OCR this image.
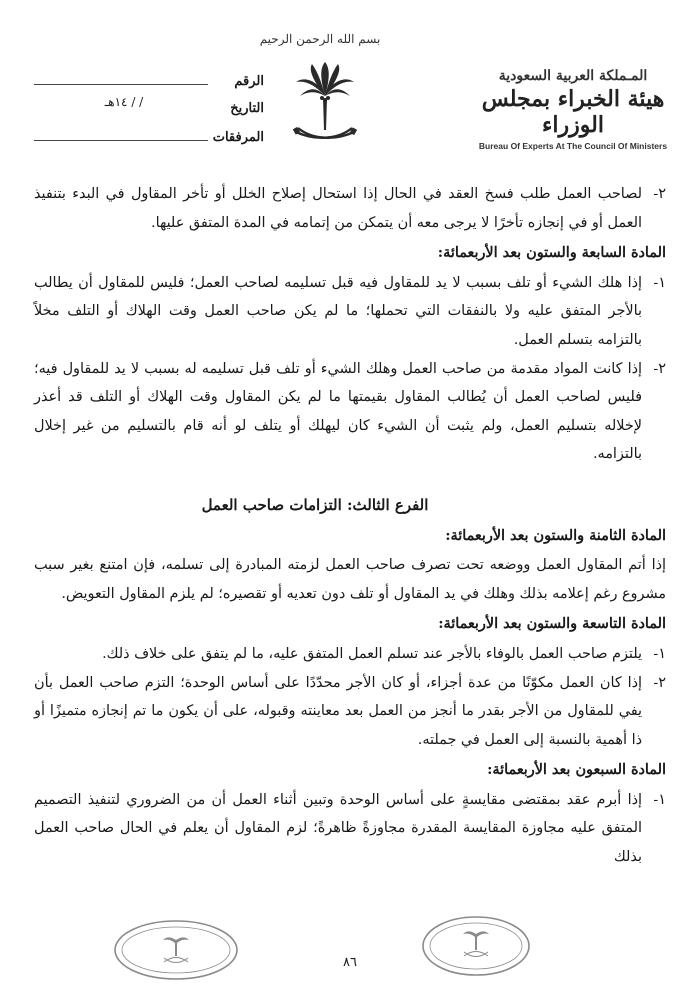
بسم الله الرحمن الرحيم
المـملكة العربية السعودية
هيئة الخبراء بمجلس الوزراء
Bureau Of Experts At The Council Of Ministers
الرقم
التاريخ
/ / ١٤هـ
المرفقات
٢-
لصاحب العمل طلب فسخ العقد في الحال إذا استحال إصلاح الخلل أو تأخر المقاول في البدء بتنفيذ العمل أو في إنجازه تأخرًا لا يرجى معه أن يتمكن من إتمامه في المدة المتفق عليها.
المادة السابعة والستون بعد الأربعمائة:
١-
إذا هلك الشيء أو تلف بسبب لا يد للمقاول فيه قبل تسليمه لصاحب العمل؛ فليس للمقاول أن يطالب بالأجر المتفق عليه ولا بالنفقات التي تحملها؛ ما لم يكن صاحب العمل وقت الهلاك أو التلف مخلاً بالتزامه بتسلم العمل.
٢-
إذا كانت المواد مقدمة من صاحب العمل وهلك الشيء أو تلف قبل تسليمه له بسبب لا يد للمقاول فيه؛ فليس لصاحب العمل أن يُطالب المقاول بقيمتها ما لم يكن المقاول وقت الهلاك أو التلف قد أعذر لإخلاله بتسليم العمل، ولم يثبت أن الشيء كان ليهلك أو يتلف لو أنه قام بالتسليم من غير إخلال بالتزامه.
الفرع الثالث: التزامات صاحب العمل
المادة الثامنة والستون بعد الأربعمائة:

إذا أتم المقاول العمل ووضعه تحت تصرف صاحب العمل لزمته المبادرة إلى تسلمه، فإن امتنع بغير سبب مشروع رغم إعلامه بذلك وهلك في يد المقاول أو تلف دون تعديه أو تقصيره؛ لم يلزم المقاول التعويض.

المادة التاسعة والستون بعد الأربعمائة:
١-
يلتزم صاحب العمل بالوفاء بالأجر عند تسلم العمل المتفق عليه، ما لم يتفق على خلاف ذلك.
٢-
إذا كان العمل مكوّنًا من عدة أجزاء، أو كان الأجر محدّدًا على أساس الوحدة؛ التزم صاحب العمل بأن يفي للمقاول من الأجر بقدر ما أنجز من العمل بعد معاينته وقبوله، على أن يكون ما تم إنجازه متميزًا أو ذا أهمية بالنسبة إلى العمل في جملته.
المادة السبعون بعد الأربعمائة:
١-
إذا أبرم عقد بمقتضى مقايسةٍ على أساس الوحدة وتبين أثناء العمل أن من الضروري لتنفيذ التصميم المتفق عليه مجاوزة المقايسة المقدرة مجاوزةً ظاهرةً؛ لزم المقاول أن يعلم في الحال صاحب العمل بذلك
٨٦
